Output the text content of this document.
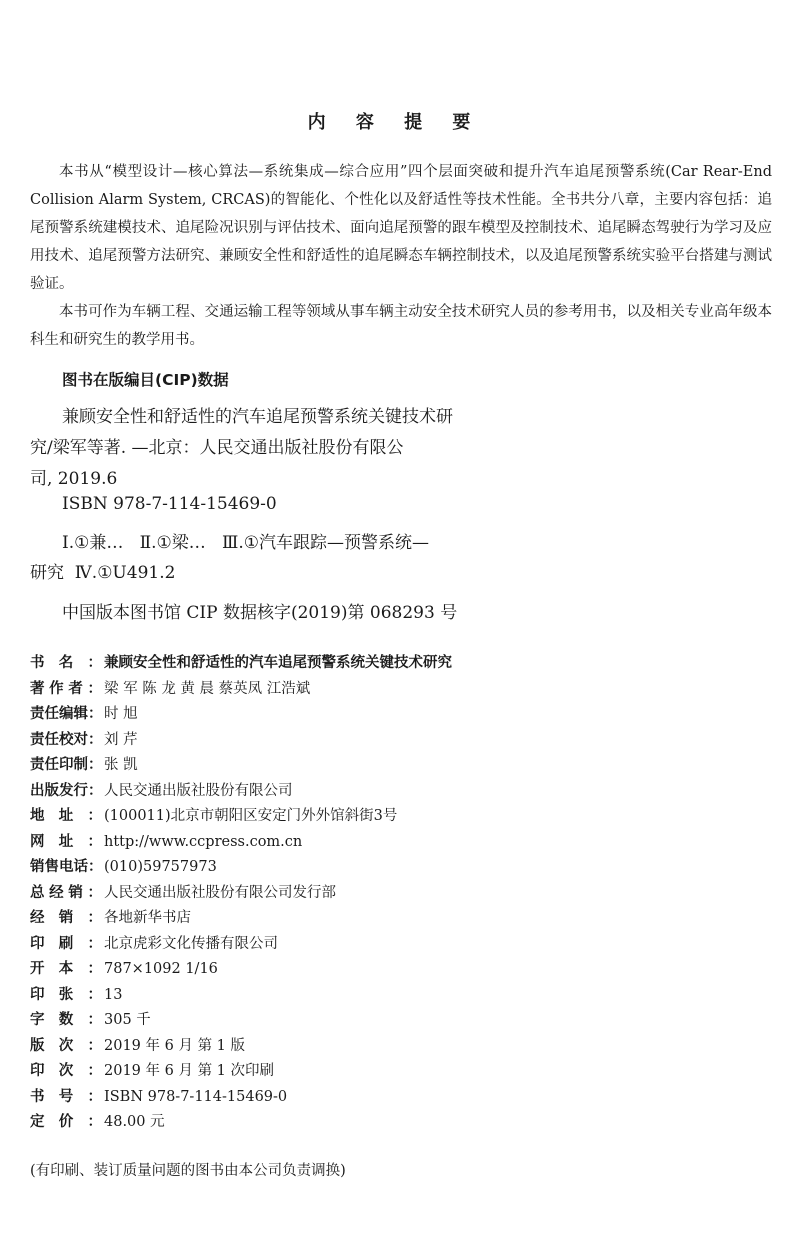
内 容 提 要

本书从“模型设计—核心算法—系统集成—综合应用”四个层面突破和提升汽车追尾预警系统(Car Rear-End Collision Alarm System, CRCAS)的智能化、个性化以及舒适性等技术性能。全书共分八章，主要内容包括：追尾预警系统建模技术、追尾险况识别与评估技术、面向追尾预警的跟车模型及控制技术、追尾瞬态驾驶行为学习及应用技术、追尾预警方法研究、兼顾安全性和舒适性的追尾瞬态车辆控制技术，以及追尾预警系统实验平台搭建与测试验证。

本书可作为车辆工程、交通运输工程等领域从事车辆主动安全技术研究人员的参考用书，以及相关专业高年级本科生和研究生的教学用书。

图书在版编目(CIP)数据
兼顾安全性和舒适性的汽车追尾预警系统关键技术研
究/梁军等著. —北京：人民交通出版社股份有限公
司, 2019.6
ISBN 978-7-114-15469-0
Ⅰ.①兼…   Ⅱ.①梁…   Ⅲ.①汽车跟踪—预警系统—
研究  Ⅳ.①U491.2
中国版本图书馆 CIP 数据核字(2019)第 068293 号
书 名 ： 兼顾安全性和舒适性的汽车追尾预警系统关键技术研究
著 作 者 ： 梁 军 陈 龙 黄 晨 蔡英凤 江浩斌
责 任 编 辑 ： 时 旭
责 任 校 对 ： 刘 芹
责 任 印 制 ： 张 凯
出 版 发 行 ： 人民交通出版社股份有限公司
地 址 ： (100011)北京市朝阳区安定门外外馆斜街3号
网 址 ： http://www.ccpress.com.cn
销 售 电 话 ： (010)59757973
总 经 销 ： 人民交通出版社股份有限公司发行部
经 销 ： 各地新华书店
印 刷 ： 北京虎彩文化传播有限公司
开 本 ： 787×1092 1/16
印 张 ： 13
字 数 ： 305 千
版 次 ： 2019 年 6 月 第 1 版
印 次 ： 2019 年 6 月 第 1 次印刷
书 号 ： ISBN 978-7-114-15469-0
定 价 ： 48.00 元
(有印刷、装订质量问题的图书由本公司负责调换)
